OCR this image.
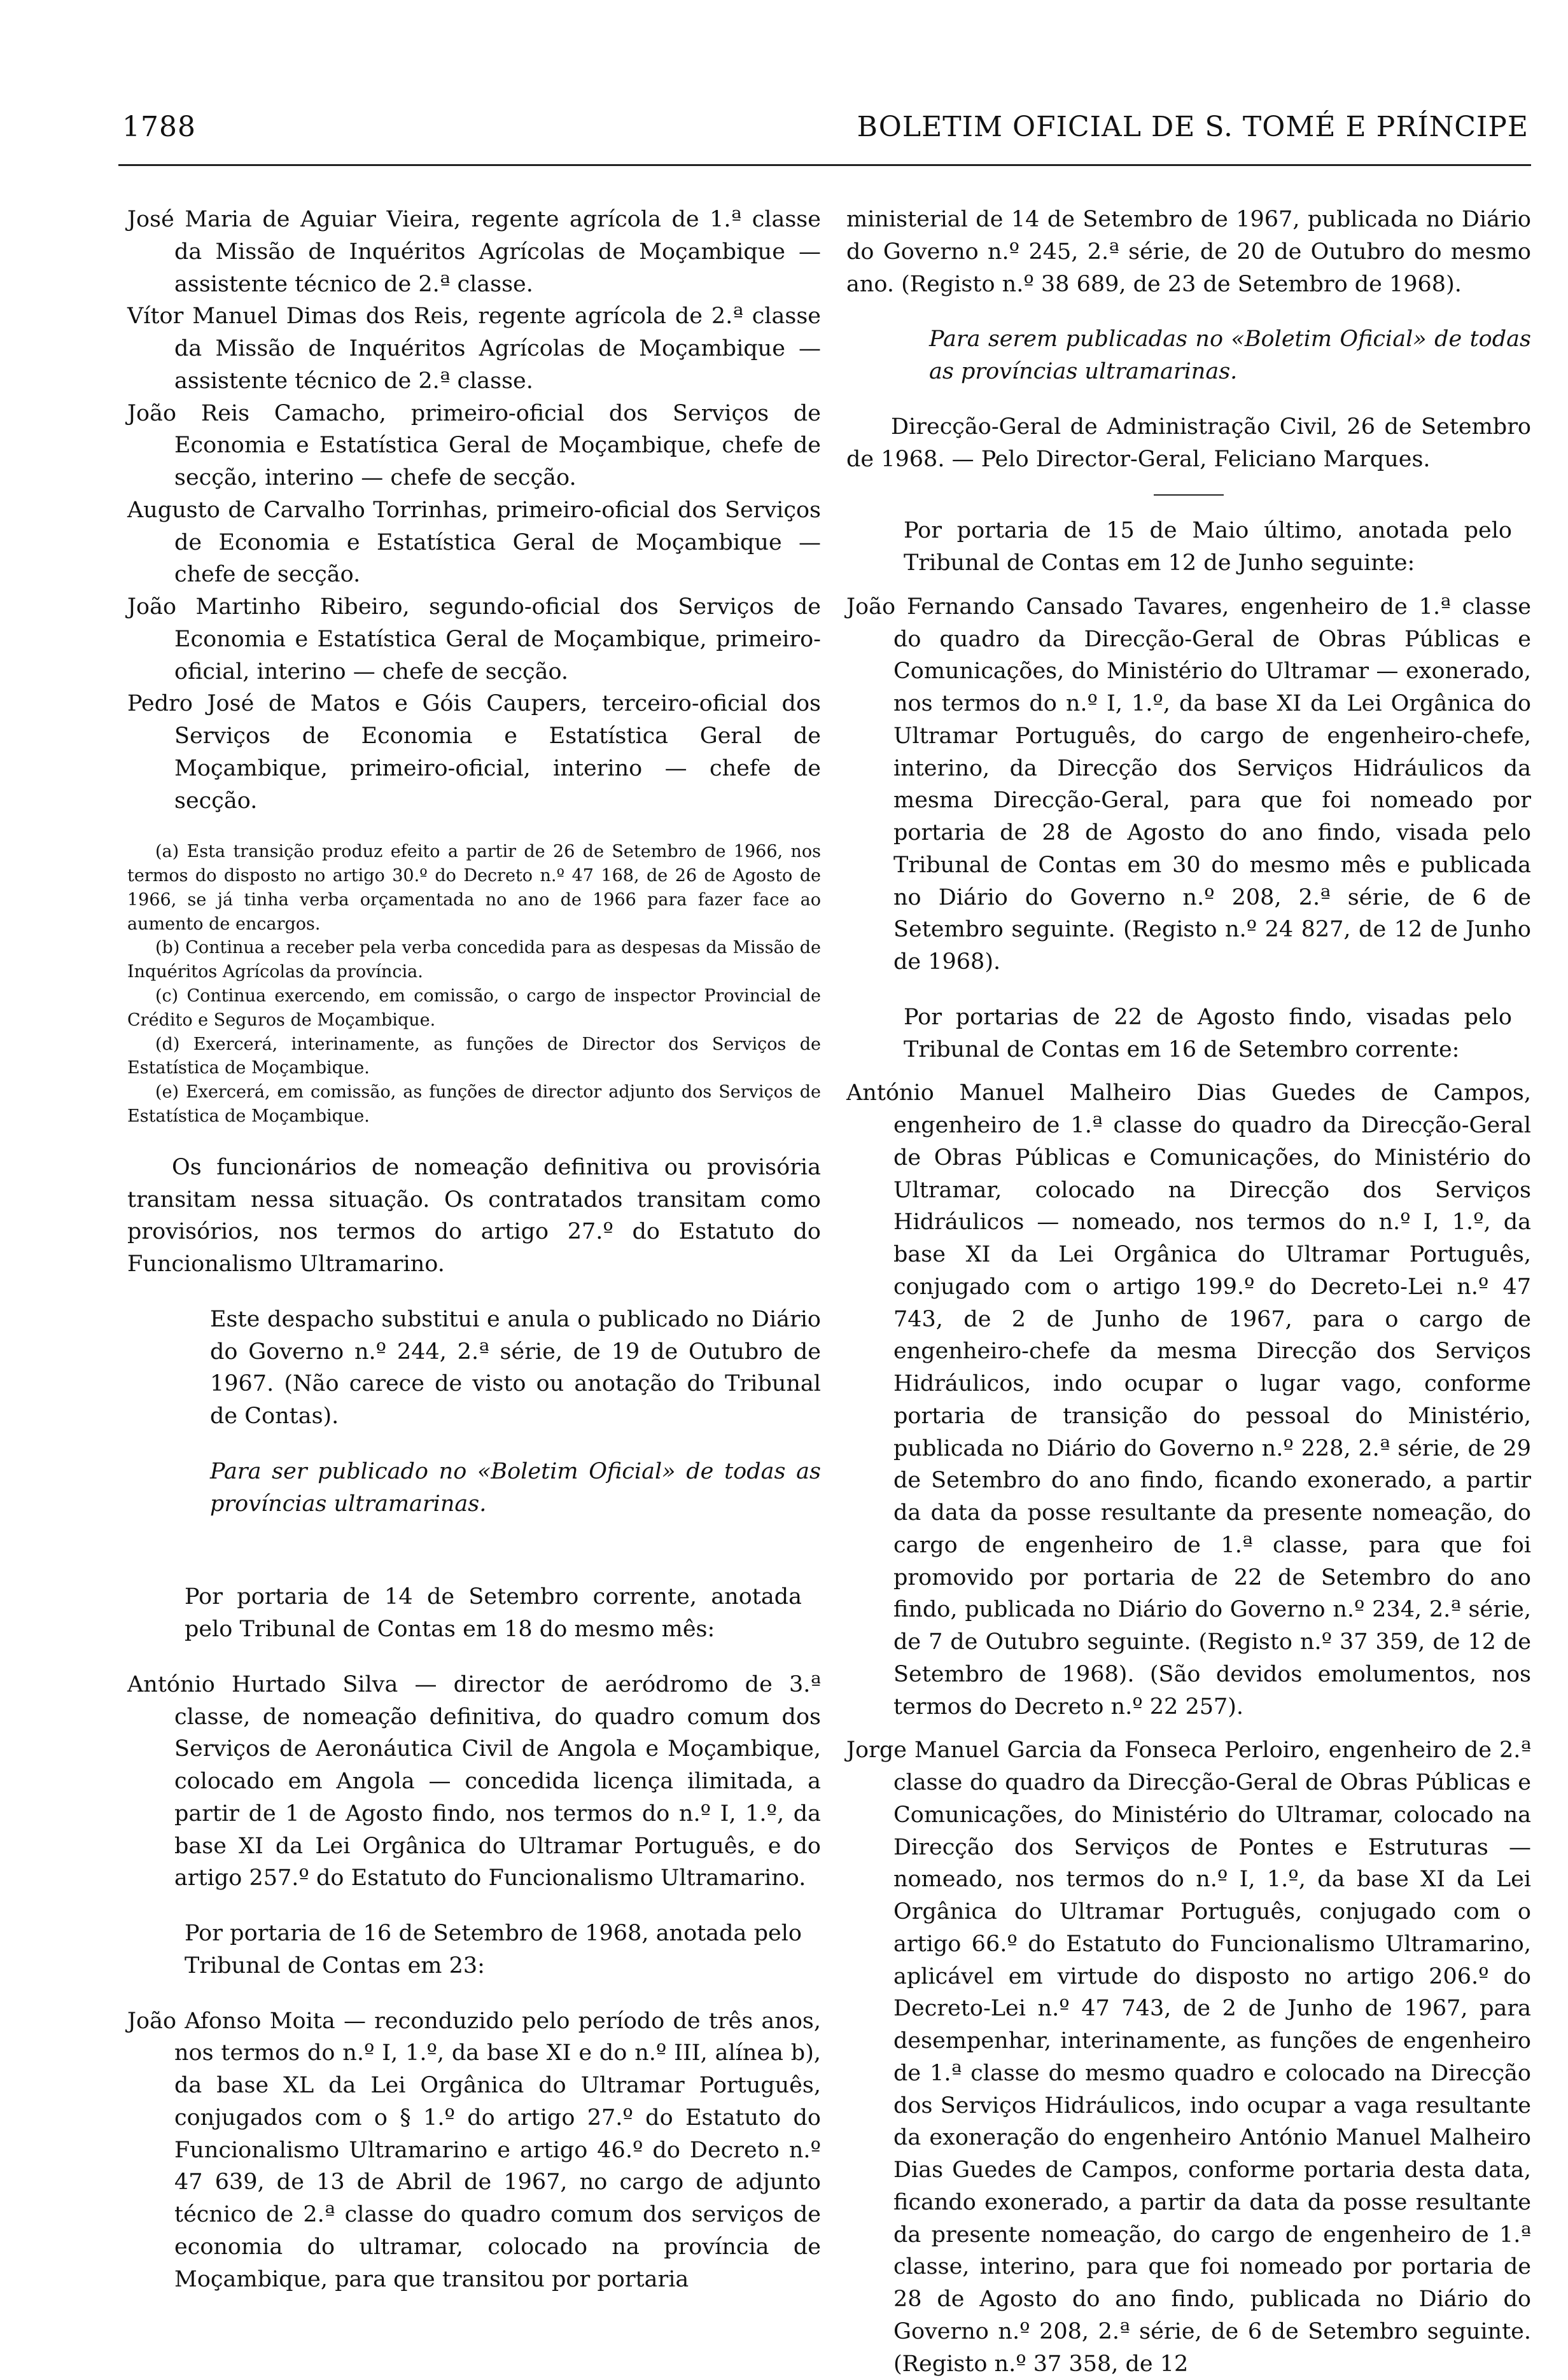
1788	BOLETIM OFICIAL DE S. TOMÉ E PRÍNCIPE

José Maria de Aguiar Vieira, regente agrícola de 1.ª classe da Missão de Inquéritos Agrícolas de Moçambique — assistente técnico de 2.ª classe.

Vítor Manuel Dimas dos Reis, regente agrícola de 2.ª classe da Missão de Inquéritos Agrícolas de Moçambique — assistente técnico de 2.ª classe.

João Reis Camacho, primeiro-oficial dos Serviços de Economia e Estatística Geral de Moçambique, chefe de secção, interino — chefe de secção.

Augusto de Carvalho Torrinhas, primeiro-oficial dos Serviços de Economia e Estatística Geral de Moçambique — chefe de secção.

João Martinho Ribeiro, segundo-oficial dos Serviços de Economia e Estatística Geral de Moçambique, primeiro-oficial, interino — chefe de secção.

Pedro José de Matos e Góis Caupers, terceiro-oficial dos Serviços de Economia e Estatística Geral de Moçambique, primeiro-oficial, interino — chefe de secção.

(a) Esta transição produz efeito a partir de 26 de Setembro de 1966, nos termos do disposto no artigo 30.º do Decreto n.º 47 168, de 26 de Agosto de 1966, se já tinha verba orçamentada no ano de 1966 para fazer face ao aumento de encargos.

(b) Continua a receber pela verba concedida para as despesas da Missão de Inquéritos Agrícolas da província.

(c) Continua exercendo, em comissão, o cargo de inspector Provincial de Crédito e Seguros de Moçambique.

(d) Exercerá, interinamente, as funções de Director dos Serviços de Estatística de Moçambique.

(e) Exercerá, em comissão, as funções de director adjunto dos Serviços de Estatística de Moçambique.

Os funcionários de nomeação definitiva ou provisória transitam nessa situação. Os contratados transitam como provisórios, nos termos do artigo 27.º do Estatuto do Funcionalismo Ultramarino.

Este despacho substitui e anula o publicado no Diário do Governo n.º 244, 2.ª série, de 19 de Outubro de 1967. (Não carece de visto ou anotação do Tribunal de Contas).

Para ser publicado no «Boletim Oficial» de todas as províncias ultramarinas.

Por portaria de 14 de Setembro corrente, anotada pelo Tribunal de Contas em 18 do mesmo mês:

António Hurtado Silva — director de aeródromo de 3.ª classe, de nomeação definitiva, do quadro comum dos Serviços de Aeronáutica Civil de Angola e Moçambique, colocado em Angola — concedida licença ilimitada, a partir de 1 de Agosto findo, nos termos do n.º I, 1.º, da base XI da Lei Orgânica do Ultramar Português, e do artigo 257.º do Estatuto do Funcionalismo Ultramarino.

Por portaria de 16 de Setembro de 1968, anotada pelo Tribunal de Contas em 23:

João Afonso Moita — reconduzido pelo período de três anos, nos termos do n.º I, 1.º, da base XI e do n.º III, alínea b), da base XL da Lei Orgânica do Ultramar Português, conjugados com o § 1.º do artigo 27.º do Estatuto do Funcionalismo Ultramarino e artigo 46.º do Decreto n.º 47 639, de 13 de Abril de 1967, no cargo de adjunto técnico de 2.ª classe do quadro comum dos serviços de economia do ultramar, colocado na província de Moçambique, para que transitou por portaria

ministerial de 14 de Setembro de 1967, publicada no Diário do Governo n.º 245, 2.ª série, de 20 de Outubro do mesmo ano. (Registo n.º 38 689, de 23 de Setembro de 1968).

Para serem publicadas no «Boletim Oficial» de todas as províncias ultramarinas.

Direcção-Geral de Administração Civil, 26 de Setembro de 1968. — Pelo Director-Geral, Feliciano Marques.

Por portaria de 15 de Maio último, anotada pelo Tribunal de Contas em 12 de Junho seguinte:

João Fernando Cansado Tavares, engenheiro de 1.ª classe do quadro da Direcção-Geral de Obras Públicas e Comunicações, do Ministério do Ultramar — exonerado, nos termos do n.º I, 1.º, da base XI da Lei Orgânica do Ultramar Português, do cargo de engenheiro-chefe, interino, da Direcção dos Serviços Hidráulicos da mesma Direcção-Geral, para que foi nomeado por portaria de 28 de Agosto do ano findo, visada pelo Tribunal de Contas em 30 do mesmo mês e publicada no Diário do Governo n.º 208, 2.ª série, de 6 de Setembro seguinte. (Registo n.º 24 827, de 12 de Junho de 1968).

Por portarias de 22 de Agosto findo, visadas pelo Tribunal de Contas em 16 de Setembro corrente:

António Manuel Malheiro Dias Guedes de Campos, engenheiro de 1.ª classe do quadro da Direcção-Geral de Obras Públicas e Comunicações, do Ministério do Ultramar, colocado na Direcção dos Serviços Hidráulicos — nomeado, nos termos do n.º I, 1.º, da base XI da Lei Orgânica do Ultramar Português, conjugado com o artigo 199.º do Decreto-Lei n.º 47 743, de 2 de Junho de 1967, para o cargo de engenheiro-chefe da mesma Direcção dos Serviços Hidráulicos, indo ocupar o lugar vago, conforme portaria de transição do pessoal do Ministério, publicada no Diário do Governo n.º 228, 2.ª série, de 29 de Setembro do ano findo, ficando exonerado, a partir da data da posse resultante da presente nomeação, do cargo de engenheiro de 1.ª classe, para que foi promovido por portaria de 22 de Setembro do ano findo, publicada no Diário do Governo n.º 234, 2.ª série, de 7 de Outubro seguinte. (Registo n.º 37 359, de 12 de Setembro de 1968). (São devidos emolumentos, nos termos do Decreto n.º 22 257).

Jorge Manuel Garcia da Fonseca Perloiro, engenheiro de 2.ª classe do quadro da Direcção-Geral de Obras Públicas e Comunicações, do Ministério do Ultramar, colocado na Direcção dos Serviços de Pontes e Estruturas — nomeado, nos termos do n.º I, 1.º, da base XI da Lei Orgânica do Ultramar Português, conjugado com o artigo 66.º do Estatuto do Funcionalismo Ultramarino, aplicável em virtude do disposto no artigo 206.º do Decreto-Lei n.º 47 743, de 2 de Junho de 1967, para desempenhar, interinamente, as funções de engenheiro de 1.ª classe do mesmo quadro e colocado na Direcção dos Serviços Hidráulicos, indo ocupar a vaga resultante da exoneração do engenheiro António Manuel Malheiro Dias Guedes de Campos, conforme portaria desta data, ficando exonerado, a partir da data da posse resultante da presente nomeação, do cargo de engenheiro de 1.ª classe, interino, para que foi nomeado por portaria de 28 de Agosto do ano findo, publicada no Diário do Governo n.º 208, 2.ª série, de 6 de Setembro seguinte. (Registo n.º 37 358, de 12
